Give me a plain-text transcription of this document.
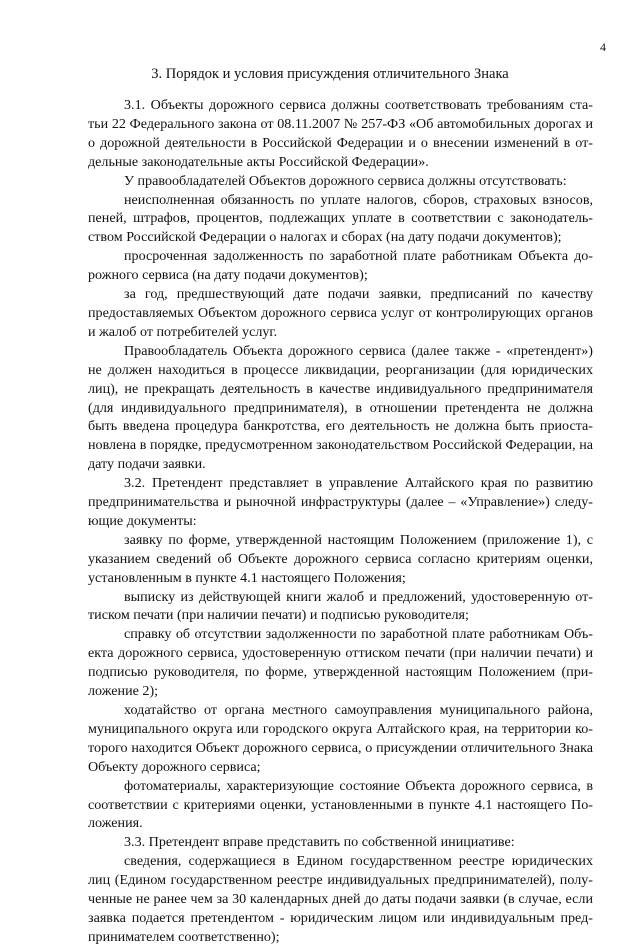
4
3. Порядок и условия присуждения отличительного Знака

3.1. Объекты дорожного сервиса должны соответствовать требованиям статьи 22 Федерального закона от 08.11.2007 № 257-ФЗ «Об автомобильных дорогах и о дорожной деятельности в Российской Федерации и о внесении изменений в отдельные законодательные акты Российской Федерации».

У правообладателей Объектов дорожного сервиса должны отсутствовать:

неисполненная обязанность по уплате налогов, сборов, страховых взносов, пеней, штрафов, процентов, подлежащих уплате в соответствии с законодательством Российской Федерации о налогах и сборах (на дату подачи документов);

просроченная задолженность по заработной плате работникам Объекта дорожного сервиса (на дату подачи документов);

за год, предшествующий дате подачи заявки, предписаний по качеству предоставляемых Объектом дорожного сервиса услуг от контролирующих органов и жалоб от потребителей услуг.

Правообладатель Объекта дорожного сервиса (далее также - «претендент») не должен находиться в процессе ликвидации, реорганизации (для юридических лиц), не прекращать деятельность в качестве индивидуального предпринимателя (для индивидуального предпринимателя), в отношении претендента не должна быть введена процедура банкротства, его деятельность не должна быть приостановлена в порядке, предусмотренном законодательством Российской Федерации, на дату подачи заявки.

3.2. Претендент представляет в управление Алтайского края по развитию предпринимательства и рыночной инфраструктуры (далее – «Управление») следующие документы:

заявку по форме, утвержденной настоящим Положением (приложение 1), с указанием сведений об Объекте дорожного сервиса согласно критериям оценки, установленным в пункте 4.1 настоящего Положения;

выписку из действующей книги жалоб и предложений, удостоверенную оттиском печати (при наличии печати) и подписью руководителя;

справку об отсутствии задолженности по заработной плате работникам Объекта дорожного сервиса, удостоверенную оттиском печати (при наличии печати) и подписью руководителя, по форме, утвержденной настоящим Положением (приложение 2);

ходатайство от органа местного самоуправления муниципального района, муниципального округа или городского округа Алтайского края, на территории которого находится Объект дорожного сервиса, о присуждении отличительного Знака Объекту дорожного сервиса;

фотоматериалы, характеризующие состояние Объекта дорожного сервиса, в соответствии с критериями оценки, установленными в пункте 4.1 настоящего Положения.

3.3. Претендент вправе представить по собственной инициативе:

сведения, содержащиеся в Едином государственном реестре юридических лиц (Едином государственном реестре индивидуальных предпринимателей), полученные не ранее чем за 30 календарных дней до даты подачи заявки (в случае, если заявка подается претендентом - юридическим лицом или индивидуальным предпринимателем соответственно);
